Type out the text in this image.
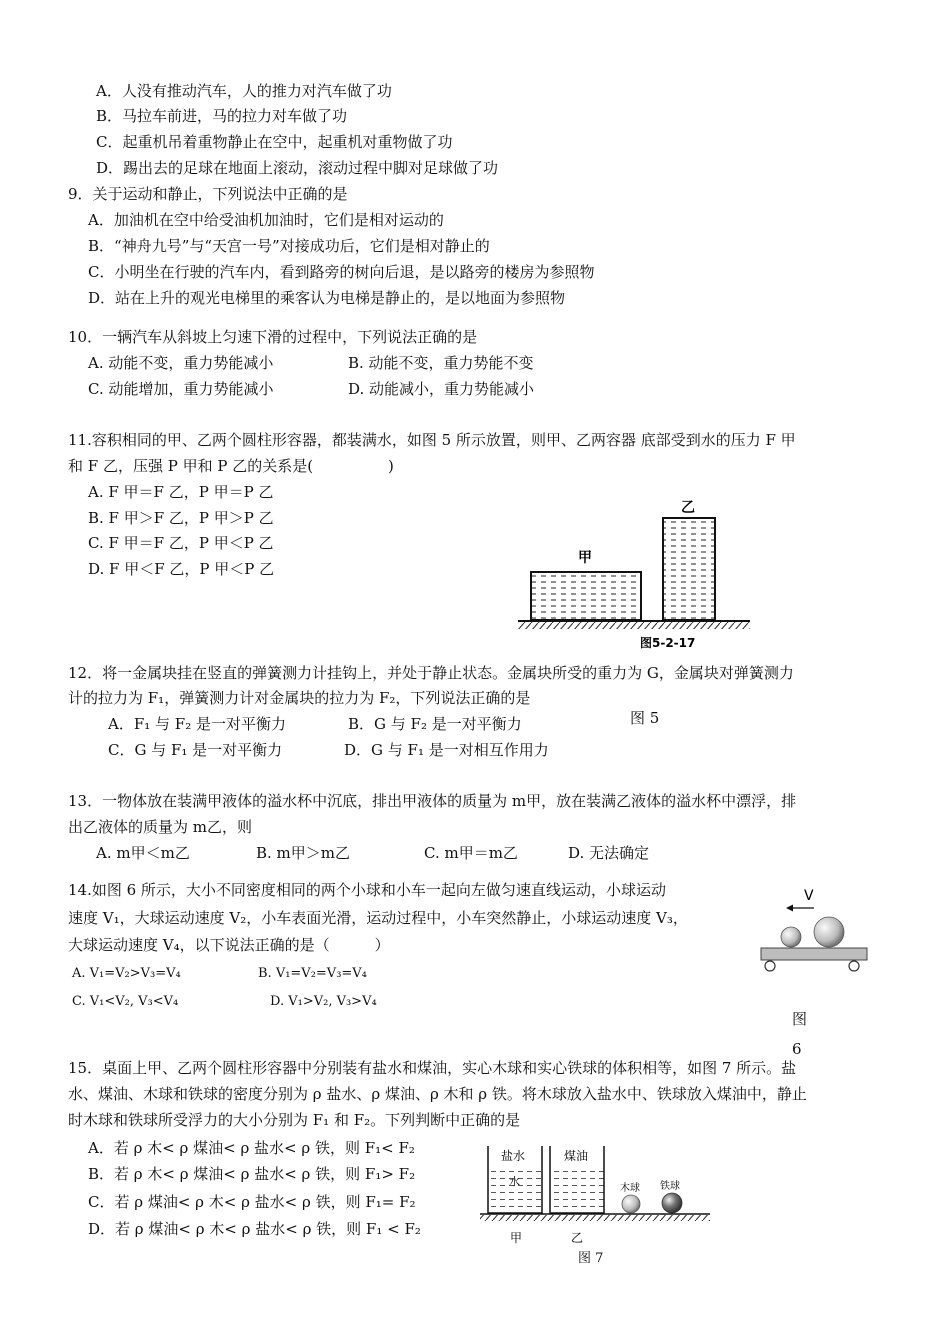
A．人没有推动汽车，人的推力对汽车做了功
B．马拉车前进，马的拉力对车做了功
C．起重机吊着重物静止在空中，起重机对重物做了功
D．踢出去的足球在地面上滚动，滚动过程中脚对足球做了功
9．关于运动和静止，下列说法中正确的是
A．加油机在空中给受油机加油时，它们是相对运动的
B．“神舟九号”与“天宫一号”对接成功后，它们是相对静止的
C．小明坐在行驶的汽车内，看到路旁的树向后退，是以路旁的楼房为参照物
D．站在上升的观光电梯里的乘客认为电梯是静止的，是以地面为参照物
10．一辆汽车从斜坡上匀速下滑的过程中，下列说法正确的是
A. 动能不变，重力势能减小	B. 动能不变，重力势能不变
C. 动能增加，重力势能减小	D. 动能减小，重力势能减小
11.容积相同的甲、乙两个圆柱形容器，都装满水，如图 5 所示放置，则甲、乙两容器 底部受到水的压力 F 甲
和 F 乙，压强 P 甲和 P 乙的关系是(　　　　　)
A. F 甲＝F 乙，P 甲＝P 乙
B. F 甲＞F 乙，P 甲＞P 乙
C. F 甲＝F 乙，P 甲＜P 乙
D. F 甲＜F 乙，P 甲＜P 乙
甲
乙
图5-2-17
12．将一金属块挂在竖直的弹簧测力计挂钩上，并处于静止状态。金属块所受的重力为 G，金属块对弹簧测力
计的拉力为 F₁，弹簧测力计对金属块的拉力为 F₂，下列说法正确的是
A．F₁ 与 F₂ 是一对平衡力	B．G 与 F₂ 是一对平衡力	图 5
C．G 与 F₁ 是一对平衡力	D．G 与 F₁ 是一对相互作用力
13．一物体放在装满甲液体的溢水杯中沉底，排出甲液体的质量为 m甲，放在装满乙液体的溢水杯中漂浮，排
出乙液体的质量为 m乙，则
A. m甲＜m乙	B. m甲＞m乙	C. m甲＝m乙	D. 无法确定
14.如图 6 所示，大小不同密度相同的两个小球和小车一起向左做匀速直线运动，小球运动
速度 V₁，大球运动速度 V₂，小车表面光滑，运动过程中，小车突然静止，小球运动速度 V₃，
大球运动速度 V₄，以下说法正确的是（　　　）
A. V₁=V₂>V₃=V₄	B. V₁=V₂=V₃=V₄
C. V₁<V₂, V₃<V₄	D. V₁>V₂, V₃>V₄
V
图
6
15．桌面上甲、乙两个圆柱形容器中分别装有盐水和煤油，实心木球和实心铁球的体积相等，如图 7 所示。盐
水、煤油、木球和铁球的密度分别为 ρ 盐水、ρ 煤油、ρ 木和 ρ 铁。将木球放入盐水中、铁球放入煤油中，静止
时木球和铁球所受浮力的大小分别为 F₁ 和 F₂。下列判断中正确的是
A．若 ρ 木< ρ 煤油< ρ 盐水< ρ 铁，则 F₁< F₂
B．若 ρ 木< ρ 煤油< ρ 盐水< ρ 铁，则 F₁> F₂
C．若 ρ 煤油< ρ 木< ρ 盐水< ρ 铁，则 F₁= F₂
D．若 ρ 煤油< ρ 木< ρ 盐水< ρ 铁，则 F₁ < F₂
盐水
水
煤油
木球 铁球
甲	乙
图 7
